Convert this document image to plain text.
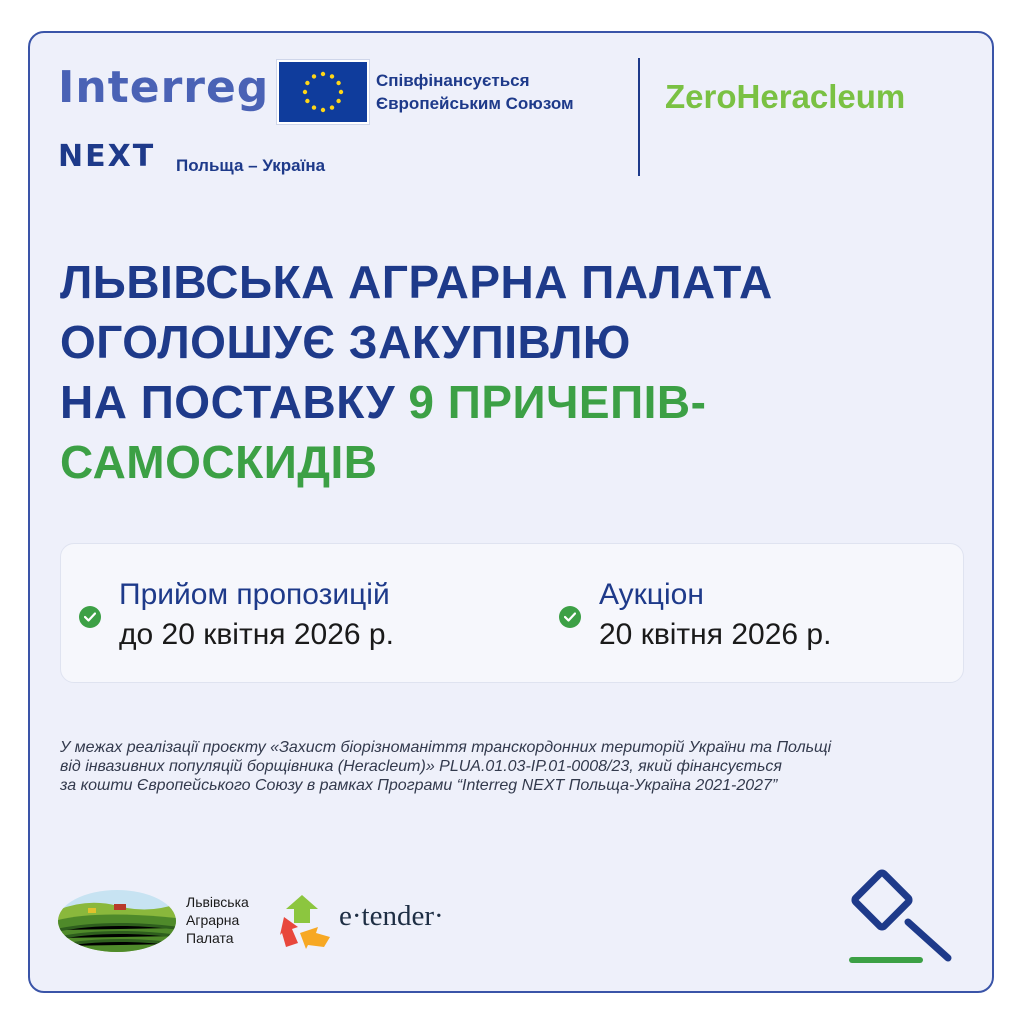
Interreg
NEXT Польща – Україна
Співфінансується
Європейським Союзом	ZeroHeracleum
ЛЬВІВСЬКА АГРАРНА ПАЛАТА
ОГОЛОШУЄ ЗАКУПІВЛЮ
НА ПОСТАВКУ 9 ПРИЧЕПІВ-
САМОСКИДІВ
Прийом пропозицій
до 20 квітня 2026 р.
Аукціон
20 квітня 2026 р.
У межах реалізації проєкту «Захист біорізноманіття транскордонних територій України та Польщі
від інвазивних популяцій борщівника (Heracleum)» PLUA.01.03-IP.01-0008/23, який фінансується
за кошти Європейського Союзу в рамках Програми “Interreg NEXT Польща-Україна 2021-2027”
Львівська
Аграрна
Палата
e·tender·
